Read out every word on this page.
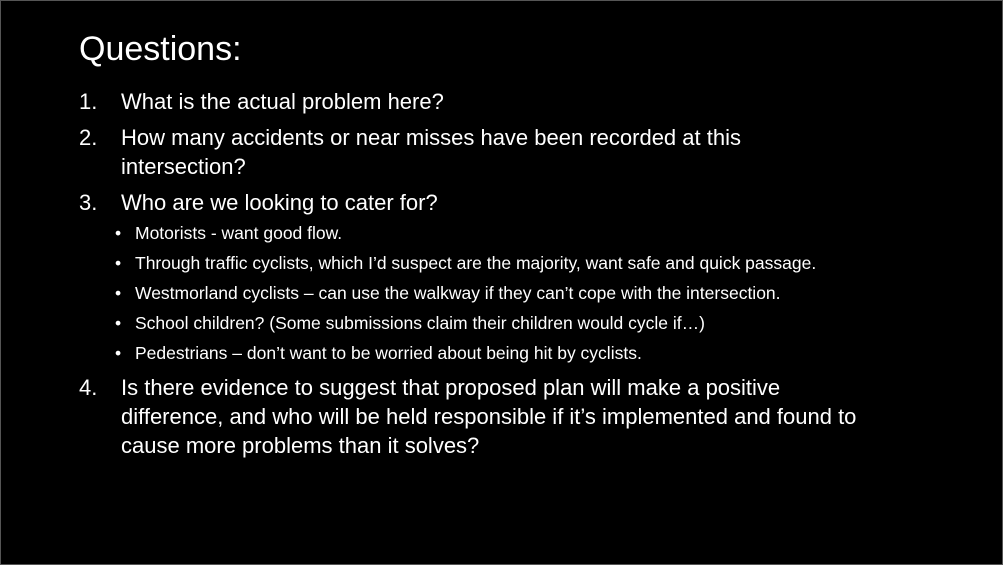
Questions:
1. What is the actual problem here?
2. How many accidents or near misses have been recorded at this intersection?
3. Who are we looking to cater for?
• Motorists - want good flow.
• Through traffic cyclists, which I’d suspect are the majority, want safe and quick passage.
• Westmorland cyclists – can use the walkway if they can’t cope with the intersection.
• School children? (Some submissions claim their children would cycle if…)
• Pedestrians – don’t want to be worried about being hit by cyclists.
4. Is there evidence to suggest that proposed plan will make a positive difference, and who will be held responsible if it’s implemented and found to cause more problems than it solves?
